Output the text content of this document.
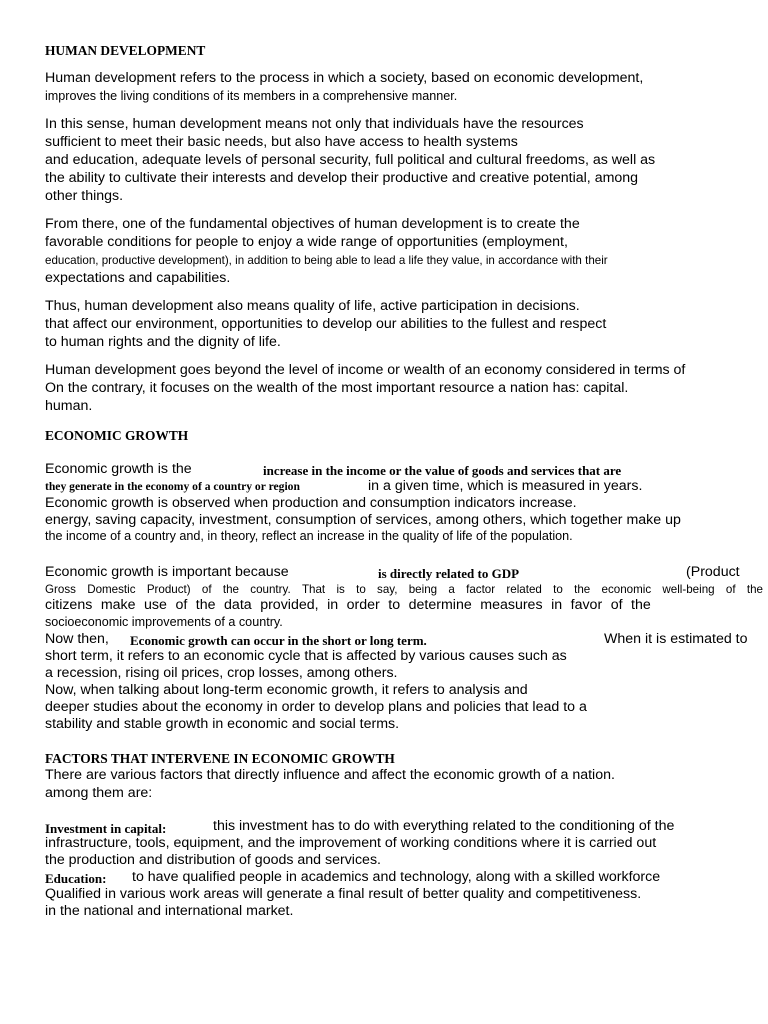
HUMAN DEVELOPMENT
Human development refers to the process in which a society, based on economic development,
improves the living conditions of its members in a comprehensive manner.
In this sense, human development means not only that individuals have the resources
sufficient to meet their basic needs, but also have access to health systems
and education, adequate levels of personal security, full political and cultural freedoms, as well as
the ability to cultivate their interests and develop their productive and creative potential, among
other things.
From there, one of the fundamental objectives of human development is to create the
favorable conditions for people to enjoy a wide range of opportunities (employment,
education, productive development), in addition to being able to lead a life they value, in accordance with their
expectations and capabilities.
Thus, human development also means quality of life, active participation in decisions.
that affect our environment, opportunities to develop our abilities to the fullest and respect
to human rights and the dignity of life.
Human development goes beyond the level of income or wealth of an economy considered in terms of
On the contrary, it focuses on the wealth of the most important resource a nation has: capital.
human.
ECONOMIC GROWTH
Economic growth is the	increase in the income or the value of goods and services that are
they generate in the economy of a country or region	in a given time, which is measured in years.
Economic growth is observed when production and consumption indicators increase.
energy, saving capacity, investment, consumption of services, among others, which together make up
the income of a country and, in theory, reflect an increase in the quality of life of the population.
Economic growth is important because	is directly related to GDP	(Product
Gross Domestic Product) of the country. That is to say, being a factor related to the economic well-being of the
citizens make use of the data provided, in order to determine measures in favor of the
socioeconomic improvements of a country.
Now then, Economic growth can occur in the short or long term.	When it is estimated to
short term, it refers to an economic cycle that is affected by various causes such as
a recession, rising oil prices, crop losses, among others.
Now, when talking about long-term economic growth, it refers to analysis and
deeper studies about the economy in order to develop plans and policies that lead to a
stability and stable growth in economic and social terms.
FACTORS THAT INTERVENE IN ECONOMIC GROWTH
There are various factors that directly influence and affect the economic growth of a nation.
among them are:
Investment in capital:	this investment has to do with everything related to the conditioning of the
infrastructure, tools, equipment, and the improvement of working conditions where it is carried out
the production and distribution of goods and services.
Education: to have qualified people in academics and technology, along with a skilled workforce
Qualified in various work areas will generate a final result of better quality and competitiveness.
in the national and international market.
